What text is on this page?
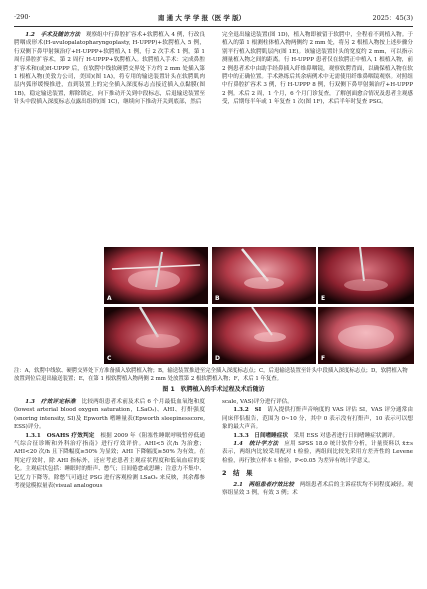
·290·	南 通 大 学 学 报（医 学 版）	2025：45(3)

1.2　手术及随访方法　 观察组中行鼻腔扩容术+软腭植入 4 例，行改良腭咽成形术(H-uvulopalatopharyngoplasty, H-UPPP)+软腭植入 5 例，行双侧下鼻甲射频治疗+H-UPPP+软腭植入 1 例，行 2 次手术 1 例，第 1 周行鼻腔扩容术，第 2 周行 H-UPPP+软腭植入。软腭植入手术：完成鼻腔扩容术和(或)H-UPPP 后，在软腭中线软硬腭交界处下方约 2 mm 处插入第 1 根植入物(美敦力公司，美国)(图 1A)，将专用的输送装置针头在软腭肌肉层内弧形缓慢推进，直到装置上的完全插入深度标志点接近插入点黏膜(图 1B)，稳定输送装置，解除锁定，向下推动开关到中段标志，后退输送装置至针头中段插入深度标志点露出组织(图 1C)，继续向下推动开关到底部，然后

完全退出输送装置(图 1D)，植入物即被留于软腭中，全程看不到植入物。于植入的第 1 根测柱体植入物两侧约 2 mm 处，将另 2 根植入物按上述步骤分别平行植入软腭肌层内(图 1E)。该输送装置针头的宽度约 2 mm，可以指示测量植入物之间的距离。行 H-UPPP 患者仅在软腭正中植入 1 根植入物，前 2 例患者术中由助手经鼻插入纤维鼻咽镜，观察软腭背面，以确保植入物在软腭中的正确位置。手术熟练后其余病例术中无需使用纤维鼻咽镜观察。对照组中行鼻腔扩容术 3 例，行 H-UPPP 8 例，行双侧下鼻甲射频治疗+H-UPPP 2 例。术后 2 周，1 个月，6 个月门诊复查，了解创面愈合情况及患者主观感受，后期每半年或 1 年复查 1 次(图 1F)，术后半年时复查 PSG。

A	B
C	D
E
F
注：A，软腭中线软、硬腭交界处下方准备插入软腭植入物；B，输送装置推进至完全插入深度标志点；C，后退输送装置至针头中段插入深度标志点；D，软腭植入物放置到位后退出输送装置；E，在第 1 根软腭植入物两侧 2 mm 处放置第 2 根软腭植入物；F，术后 1 年复查。
图 1　软腭植入的手术过程及术后随访

1.3　疗效评定标准　 比较两组患者术前及术后 6 个月最低血氧饱和度(lowest arterial blood oxygen saturation，LSaO₂)、AHI、打鼾强度(snoring intensity, SI)及 Epworth 嗜睡量表(Epworth sleepinesscore, ESS)评分。

1.3.1　OSAHS 疗效判定　 根据 2009 年《阻塞性睡眠呼吸暂停低通气综合征诊断和外科治疗指南》进行疗效评价。AHI<5 次/h 为治愈；AHI<20 次/h 且下降幅度≥50% 为显效；AHI 下降幅度≥50% 为有效。在判定疗效时，除 AHI 指标外，还应考虑患者主观症状程度和低氧血症的变化。主观症状包括：睡眠时的鼾声、憋气；日间倦怠或思睡；注意力不集中、记忆力下降等。除憋气可通过 PSG 进行客观检测 LSaO₂ 来反映，其余都参考视觉模拟量表(visual analogous

scale, VAS)评分进行评估。

1.3.2　SI　 请入提供打鼾声音响度的 VAS 评估 SI，VAS 评分通常由同床伴侣报告，范围为 0~10 分，其中 0 表示没有打鼾声，10 表示可以想象的最大声音。

1.3.3　日间嗜睡症状　 采用 ESS 对患者进行日间嗜睡症状测评。

1.4　统计学方法　 应用 SPSS 18.0 统计软件分析，计量资料以 x̄±s 表示，两组内比较采用配对 t 检验，两组间比较先采用方差齐性的 Levene 检验，再行独立样本 t 检验，P<0.05 为差异有统计学意义。

2　结　果

2.1　两组患者疗效比较　 两组患者术后的主诉症状均不同程度减轻。观察组显效 3 例，有效 3 例；术
